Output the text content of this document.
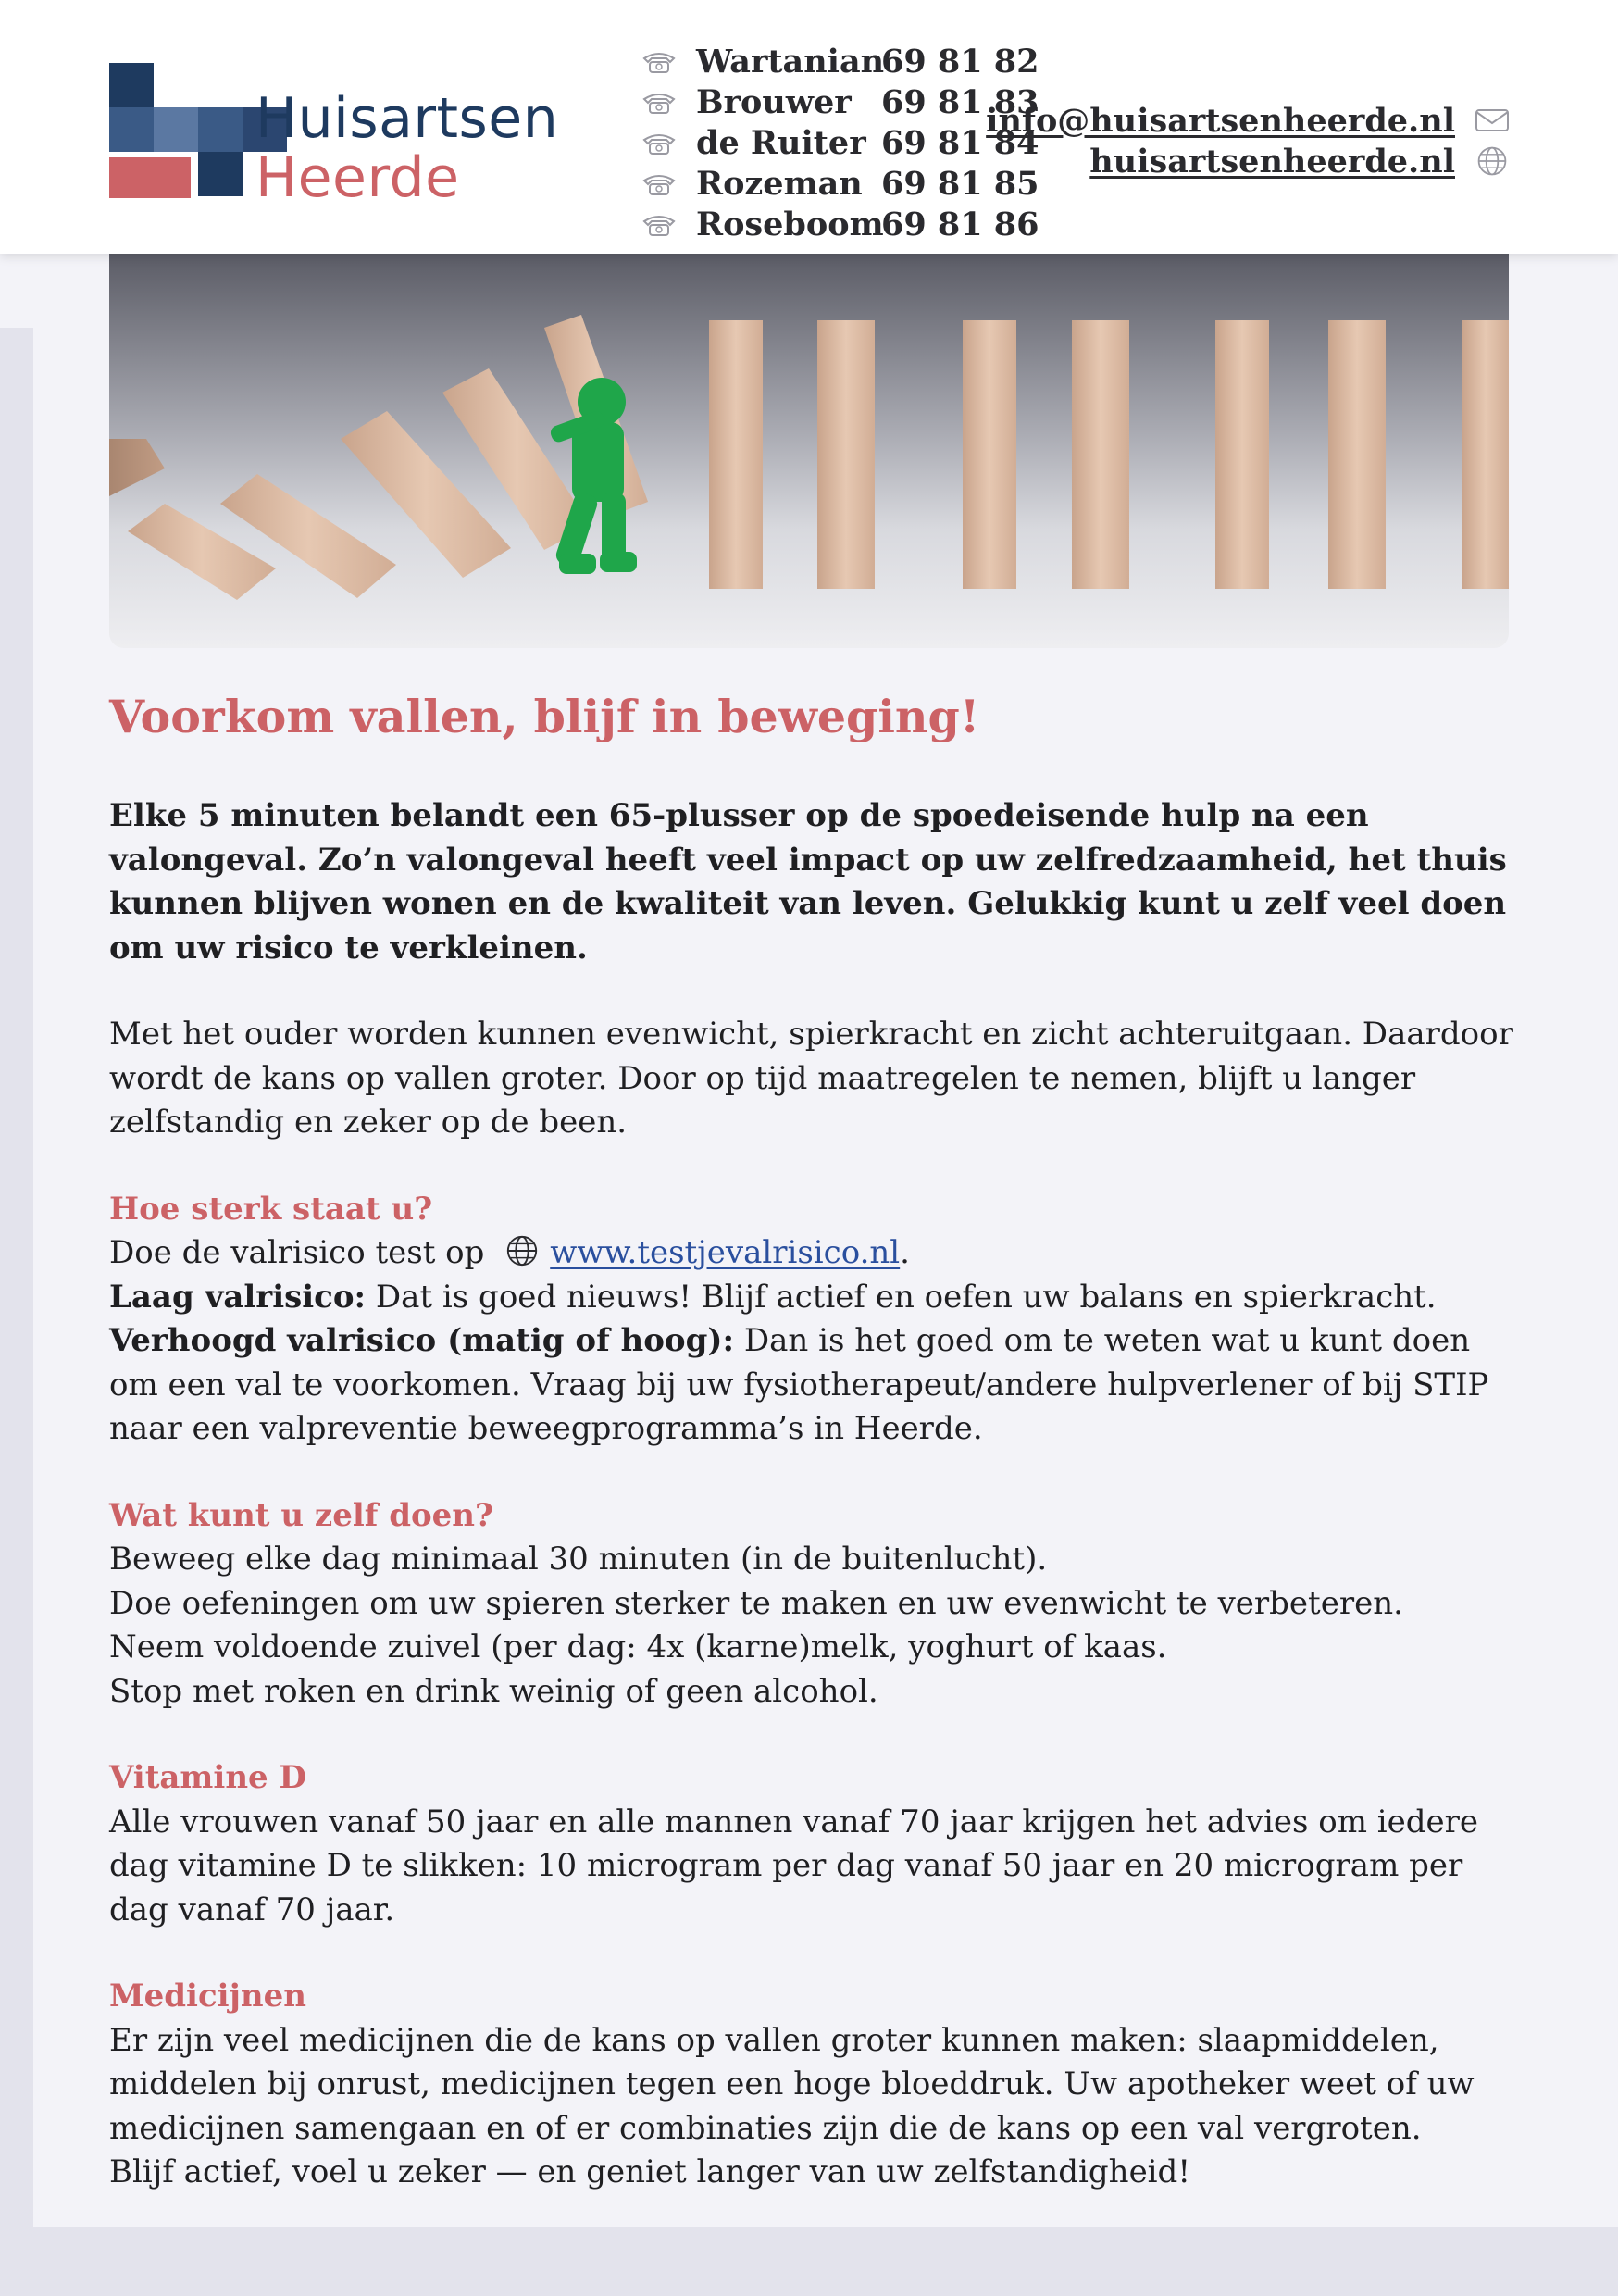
Huisartsen
Heerde
Wartanian
69 81 82
Brouwer 69 81 83
de Ruiter 69 81 84
Rozeman 69 81 85
Roseboom
69 81 86
info@huisartsenheerde.nl
huisartsenheerde.nl
Voorkom vallen, blijf in beweging!

Elke 5 minuten belandt een 65-plusser op de spoedeisende hulp na een valongeval. Zo’n valongeval heeft veel impact op uw zelfredzaamheid, het thuis kunnen blijven wonen en de kwaliteit van leven. Gelukkig kunt u zelf veel doen om uw risico te verkleinen.

Met het ouder worden kunnen evenwicht, spierkracht en zicht achteruitgaan. Daardoor wordt de kans op vallen groter. Door op tijd maatregelen te nemen, blijft u langer zelfstandig en zeker op de been.

Hoe sterk staat u?
Doe de valrisico test op www.testjevalrisico.nl.
Laag valrisico: Dat is goed nieuws! Blijf actief en oefen uw balans en spierkracht.
Verhoogd valrisico (matig of hoog): Dan is het goed om te weten wat u kunt doen om een val te voorkomen. Vraag bij uw fysiotherapeut/andere hulpverlener of bij STIP naar een valpreventie beweegprogramma’s in Heerde.
Wat kunt u zelf doen?
Beweeg elke dag minimaal 30 minuten (in de buitenlucht).
Doe oefeningen om uw spieren sterker te maken en uw evenwicht te verbeteren.
Neem voldoende zuivel (per dag: 4x (karne)melk, yoghurt of kaas.
Stop met roken en drink weinig of geen alcohol.
Vitamine D
Alle vrouwen vanaf 50 jaar en alle mannen vanaf 70 jaar krijgen het advies om iedere dag vitamine D te slikken: 10 microgram per dag vanaf 50 jaar en 20 microgram per dag vanaf 70 jaar.
Medicijnen
Er zijn veel medicijnen die de kans op vallen groter kunnen maken: slaapmiddelen, middelen bij onrust, medicijnen tegen een hoge bloeddruk. Uw apotheker weet of uw medicijnen samengaan en of er combinaties zijn die de kans op een val vergroten.
Blijf actief, voel u zeker — en geniet langer van uw zelfstandigheid!
